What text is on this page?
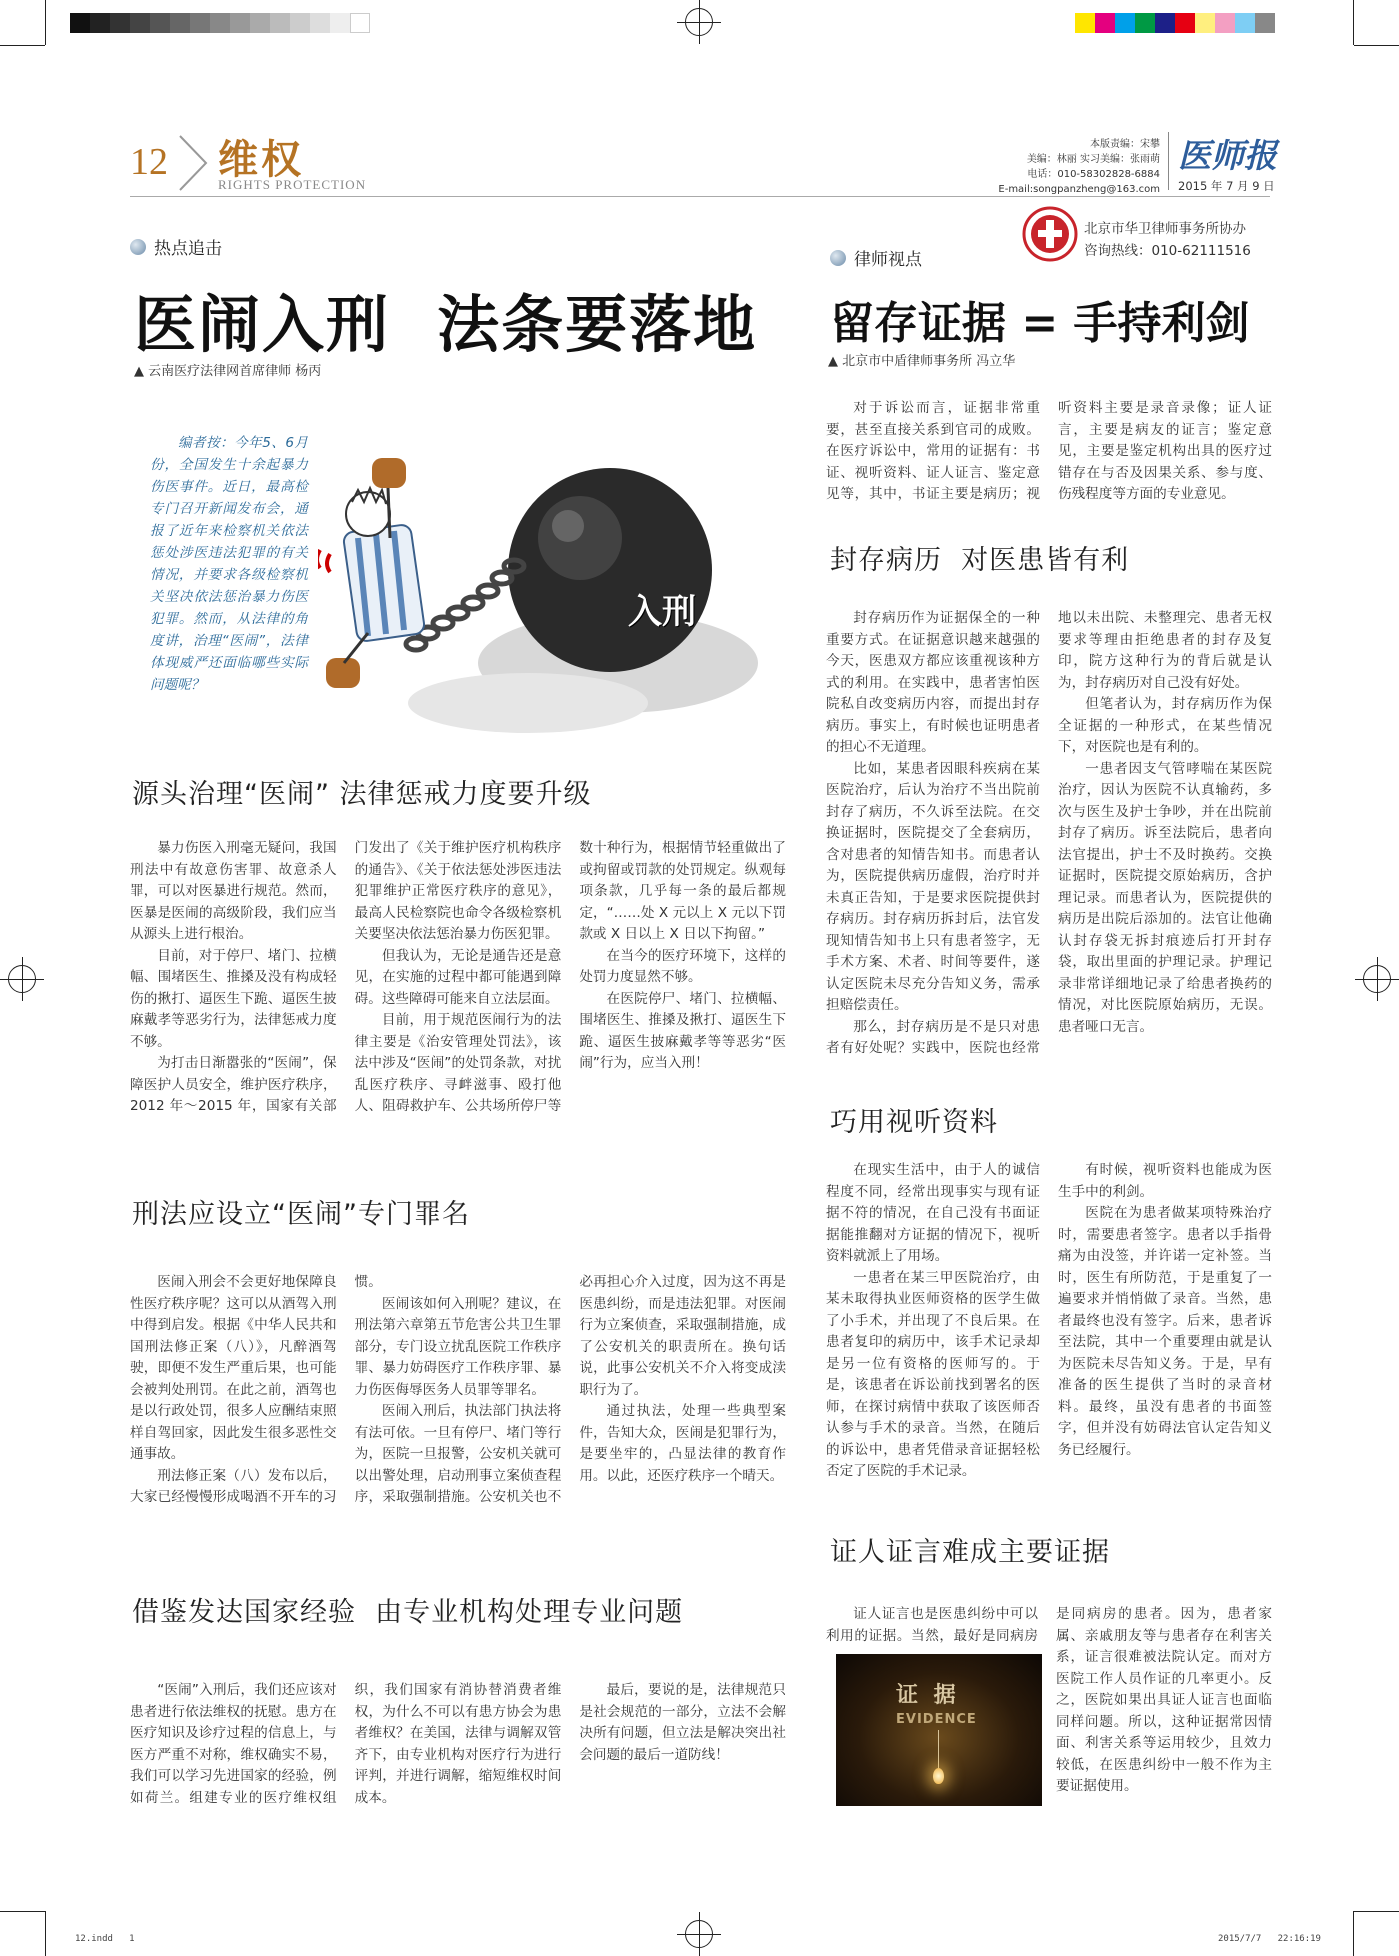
12 维权
RIGHTS PROTECTION
本版责编：宋攀
美编：林丽 实习美编：张雨萌
电话：010-58302828-6884
E-mail:songpanzheng@163.com
医师报
2015 年 7 月 9 日
热点追击
医闹入刑  法条要落地
▲ 云南医疗法律网首席律师 杨丙
编者按：今年5、6月份，全国发生十余起暴力伤医事件。近日，最高检专门召开新闻发布会，通报了近年来检察机关依法惩处涉医违法犯罪的有关情况，并要求各级检察机关坚决依法惩治暴力伤医犯罪。然而，从法律的角度讲，治理“医闹”，法律体现威严还面临哪些实际问题呢？
入刑
源头治理“医闹” 法律惩戒力度要升级

暴力伤医入刑毫无疑问，我国刑法中有故意伤害罪、故意杀人罪，可以对医暴进行规范。然而，医暴是医闹的高级阶段，我们应当从源头上进行根治。

目前，对于停尸、堵门、拉横幅、围堵医生、推搡及没有构成轻伤的揪打、逼医生下跪、逼医生披麻戴孝等恶劣行为，法律惩戒力度不够。

为打击日渐嚣张的“医闹”，保障医护人员安全，维护医疗秩序，2012 年～2015 年，国家有关部门发出了《关于维护医疗机构秩序的通告》、《关于依法惩处涉医违法犯罪维护正常医疗秩序的意见》，最高人民检察院也命令各级检察机关要坚决依法惩治暴力伤医犯罪。

但我认为，无论是通告还是意见，在实施的过程中都可能遇到障碍。这些障碍可能来自立法层面。

目前，用于规范医闹行为的法律主要是《治安管理处罚法》，该法中涉及“医闹”的处罚条款，对扰乱医疗秩序、寻衅滋事、殴打他人、阻碍救护车、公共场所停尸等数十种行为，根据情节轻重做出了或拘留或罚款的处罚规定。纵观每项条款，几乎每一条的最后都规定，“……处 X 元以上 X 元以下罚款或 X 日以上 X 日以下拘留。”

在当今的医疗环境下，这样的处罚力度显然不够。

在医院停尸、堵门、拉横幅、围堵医生、推搡及揪打、逼医生下跪、逼医生披麻戴孝等等恶劣“医闹”行为，应当入刑！

刑法应设立“医闹”专门罪名

医闹入刑会不会更好地保障良性医疗秩序呢？这可以从酒驾入刑中得到启发。根据《中华人民共和国刑法修正案（八）》，凡醉酒驾驶，即便不发生严重后果，也可能会被判处刑罚。在此之前，酒驾也是以行政处罚，很多人应酬结束照样自驾回家，因此发生很多恶性交通事故。

刑法修正案（八）发布以后，大家已经慢慢形成喝酒不开车的习惯。

医闹该如何入刑呢？建议，在刑法第六章第五节危害公共卫生罪部分，专门设立扰乱医院工作秩序罪、暴力妨碍医疗工作秩序罪、暴力伤医侮辱医务人员罪等罪名。

医闹入刑后，执法部门执法将有法可依。一旦有停尸、堵门等行为，医院一旦报警，公安机关就可以出警处理，启动刑事立案侦查程序，采取强制措施。公安机关也不必再担心介入过度，因为这不再是医患纠纷，而是违法犯罪。对医闹行为立案侦查，采取强制措施，成了公安机关的职责所在。换句话说，此事公安机关不介入将变成渎职行为了。

通过执法，处理一些典型案件，告知大众，医闹是犯罪行为，是要坐牢的，凸显法律的教育作用。以此，还医疗秩序一个晴天。

借鉴发达国家经验  由专业机构处理专业问题

“医闹”入刑后，我们还应该对患者进行依法维权的抚慰。患方在医疗知识及诊疗过程的信息上，与医方严重不对称，维权确实不易，我们可以学习先进国家的经验，例如荷兰。组建专业的医疗维权组织，我们国家有消协替消费者维权，为什么不可以有患方协会为患者维权？在美国，法律与调解双管齐下，由专业机构对医疗行为进行评判，并进行调解，缩短维权时间成本。

最后，要说的是，法律规范只是社会规范的一部分，立法不会解决所有问题，但立法是解决突出社会问题的最后一道防线！

北京市华卫律师事务所协办
咨询热线：010-62111516
律师视点
留存证据 = 手持利剑
▲ 北京市中盾律师事务所 冯立华

对于诉讼而言，证据非常重要，甚至直接关系到官司的成败。在医疗诉讼中，常用的证据有：书证、视听资料、证人证言、鉴定意见等，其中，书证主要是病历；视听资料主要是录音录像；证人证言，主要是病友的证言；鉴定意见，主要是鉴定机构出具的医疗过错存在与否及因果关系、参与度、伤残程度等方面的专业意见。

封存病历  对医患皆有利

封存病历作为证据保全的一种重要方式。在证据意识越来越强的今天，医患双方都应该重视该种方式的利用。在实践中，患者害怕医院私自改变病历内容，而提出封存病历。事实上，有时候也证明患者的担心不无道理。

比如，某患者因眼科疾病在某医院治疗，后认为治疗不当出院前封存了病历，不久诉至法院。在交换证据时，医院提交了全套病历，含对患者的知情告知书。而患者认为，医院提供病历虚假，治疗时并未真正告知，于是要求医院提供封存病历。封存病历拆封后，法官发现知情告知书上只有患者签字，无手术方案、术者、时间等要件，遂认定医院未尽充分告知义务，需承担赔偿责任。

那么，封存病历是不是只对患者有好处呢？实践中，医院也经常地以未出院、未整理完、患者无权要求等理由拒绝患者的封存及复印，院方这种行为的背后就是认为，封存病历对自己没有好处。

但笔者认为，封存病历作为保全证据的一种形式，在某些情况下，对医院也是有利的。

一患者因支气管哮喘在某医院治疗，因认为医院不认真输药，多次与医生及护士争吵，并在出院前封存了病历。诉至法院后，患者向法官提出，护士不及时换药。交换证据时，医院提交原始病历，含护理记录。而患者认为，医院提供的病历是出院后添加的。法官让他确认封存袋无拆封痕迹后打开封存袋，取出里面的护理记录。护理记录非常详细地记录了给患者换药的情况，对比医院原始病历，无误。患者哑口无言。

巧用视听资料

在现实生活中，由于人的诚信程度不同，经常出现事实与现有证据不符的情况，在自己没有书面证据能推翻对方证据的情况下，视听资料就派上了用场。

一患者在某三甲医院治疗，由某未取得执业医师资格的医学生做了小手术，并出现了不良后果。在患者复印的病历中，该手术记录却是另一位有资格的医师写的。于是，该患者在诉讼前找到署名的医师，在探讨病情中获取了该医师否认参与手术的录音。当然，在随后的诉讼中，患者凭借录音证据轻松否定了医院的手术记录。

有时候，视听资料也能成为医生手中的利剑。

医院在为患者做某项特殊治疗时，需要患者签字。患者以手指骨痛为由没签，并许诺一定补签。当时，医生有所防范，于是重复了一遍要求并悄悄做了录音。当然，患者最终也没有签字。后来，患者诉至法院，其中一个重要理由就是认为医院未尽告知义务。于是，早有准备的医生提供了当时的录音材料。最终，虽没有患者的书面签字，但并没有妨碍法官认定告知义务已经履行。

证人证言难成主要证据

证人证言也是医患纠纷中可以利用的证据。当然，最好是同病房

证 据
EVIDENCE

是同病房的患者。因为，患者家属、亲戚朋友等与患者存在利害关系，证言很难被法院认定。而对方医院工作人员作证的几率更小。反之，医院如果出具证人证言也面临同样问题。所以，这种证据常因情面、利害关系等运用较少，且效力较低，在医患纠纷中一般不作为主要证据使用。

12.indd   1	2015/7/7   22:16:19
